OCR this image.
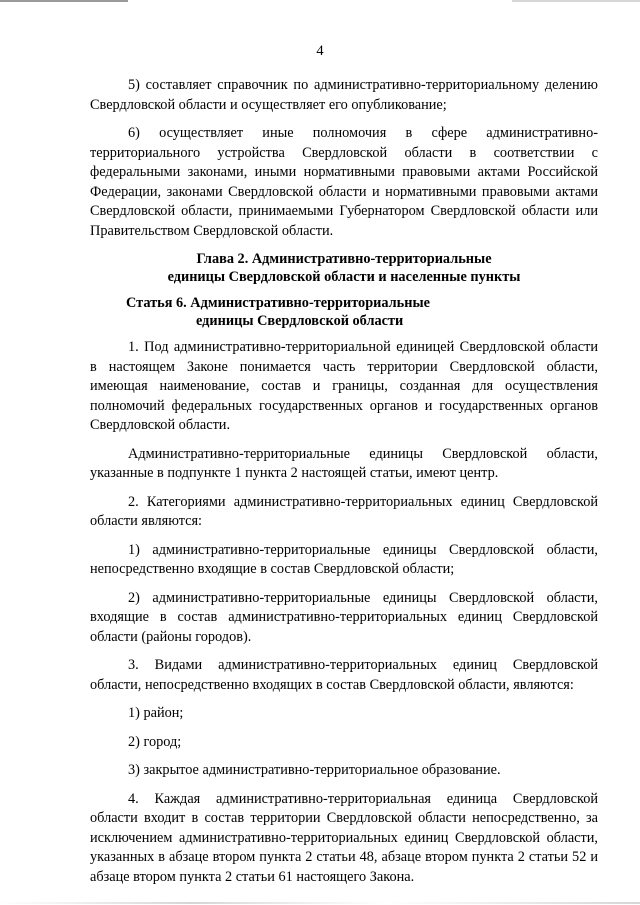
4

5) составляет справочник по административно-территориальному делению Свердловской области и осуществляет его опубликование;

6) осуществляет иные полномочия в сфере административно-территориального устройства Свердловской области в соответствии с федеральными законами, иными нормативными правовыми актами Российской Федерации, законами Свердловской области и нормативными правовыми актами Свердловской области, принимаемыми Губернатором Свердловской области или Правительством Свердловской области.

Глава 2. Административно-территориальные
единицы Свердловской области и населенные пункты
Статья 6. Административно-территориальные
единицы Свердловской области

1. Под административно-территориальной единицей Свердловской области в настоящем Законе понимается часть территории Свердловской области, имеющая наименование, состав и границы, созданная для осуществления полномочий федеральных государственных органов и государственных органов Свердловской области.

Административно-территориальные единицы Свердловской области, указанные в подпункте 1 пункта 2 настоящей статьи, имеют центр.

2. Категориями административно-территориальных единиц Свердловской области являются:

1) административно-территориальные единицы Свердловской области, непосредственно входящие в состав Свердловской области;

2) административно-территориальные единицы Свердловской области, входящие в состав административно-территориальных единиц Свердловской области (районы городов).

3. Видами административно-территориальных единиц Свердловской области, непосредственно входящих в состав Свердловской области, являются:

1) район;

2) город;

3) закрытое административно-территориальное образование.

4. Каждая административно-территориальная единица Свердловской области входит в состав территории Свердловской области непосредственно, за исключением административно-территориальных единиц Свердловской области, указанных в абзаце втором пункта 2 статьи 48, абзаце втором пункта 2 статьи 52 и абзаце втором пункта 2 статьи 61 настоящего Закона.
